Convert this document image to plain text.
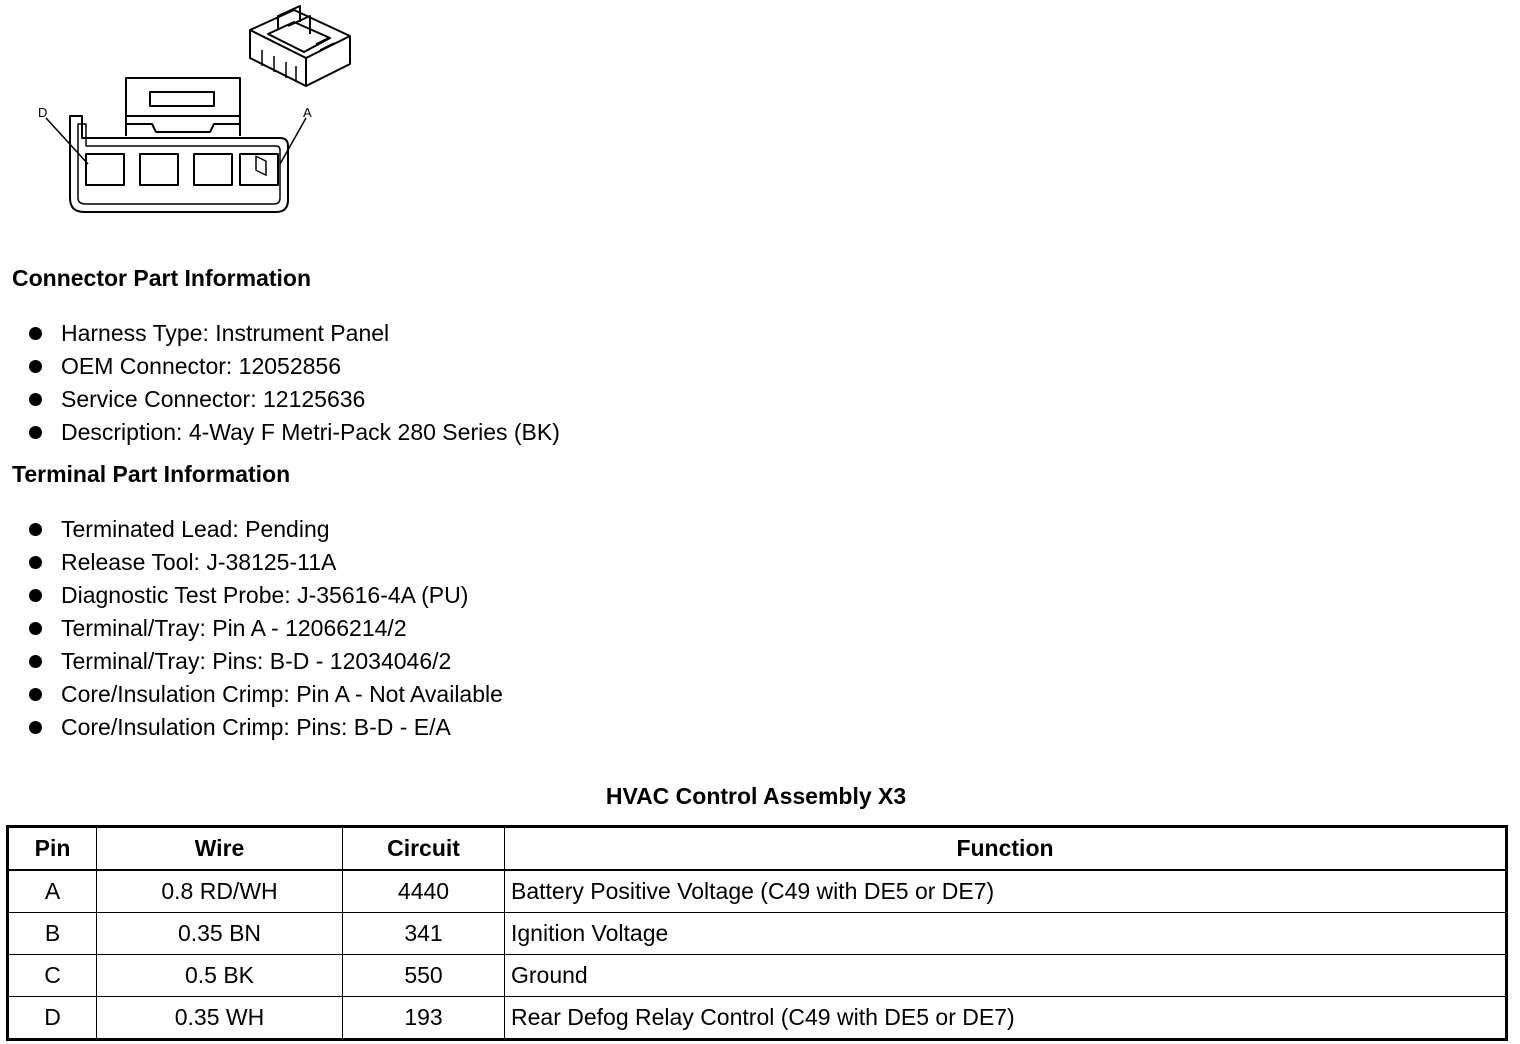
D	A
Connector Part Information
Harness Type: Instrument Panel
OEM Connector: 12052856
Service Connector: 12125636
Description: 4-Way F Metri-Pack 280 Series (BK)
Terminal Part Information
Terminated Lead: Pending
Release Tool: J-38125-11A
Diagnostic Test Probe: J-35616-4A (PU)
Terminal/Tray: Pin A - 12066214/2
Terminal/Tray: Pins: B-D - 12034046/2
Core/Insulation Crimp: Pin A - Not Available
Core/Insulation Crimp: Pins: B-D - E/A
HVAC Control Assembly X3
Pin	Wire	Circuit	Function
A	0.8 RD/WH	4440	Battery Positive Voltage (C49 with DE5 or DE7)
B	0.35 BN	341	Ignition Voltage
C	0.5 BK	550	Ground
D	0.35 WH	193	Rear Defog Relay Control (C49 with DE5 or DE7)
